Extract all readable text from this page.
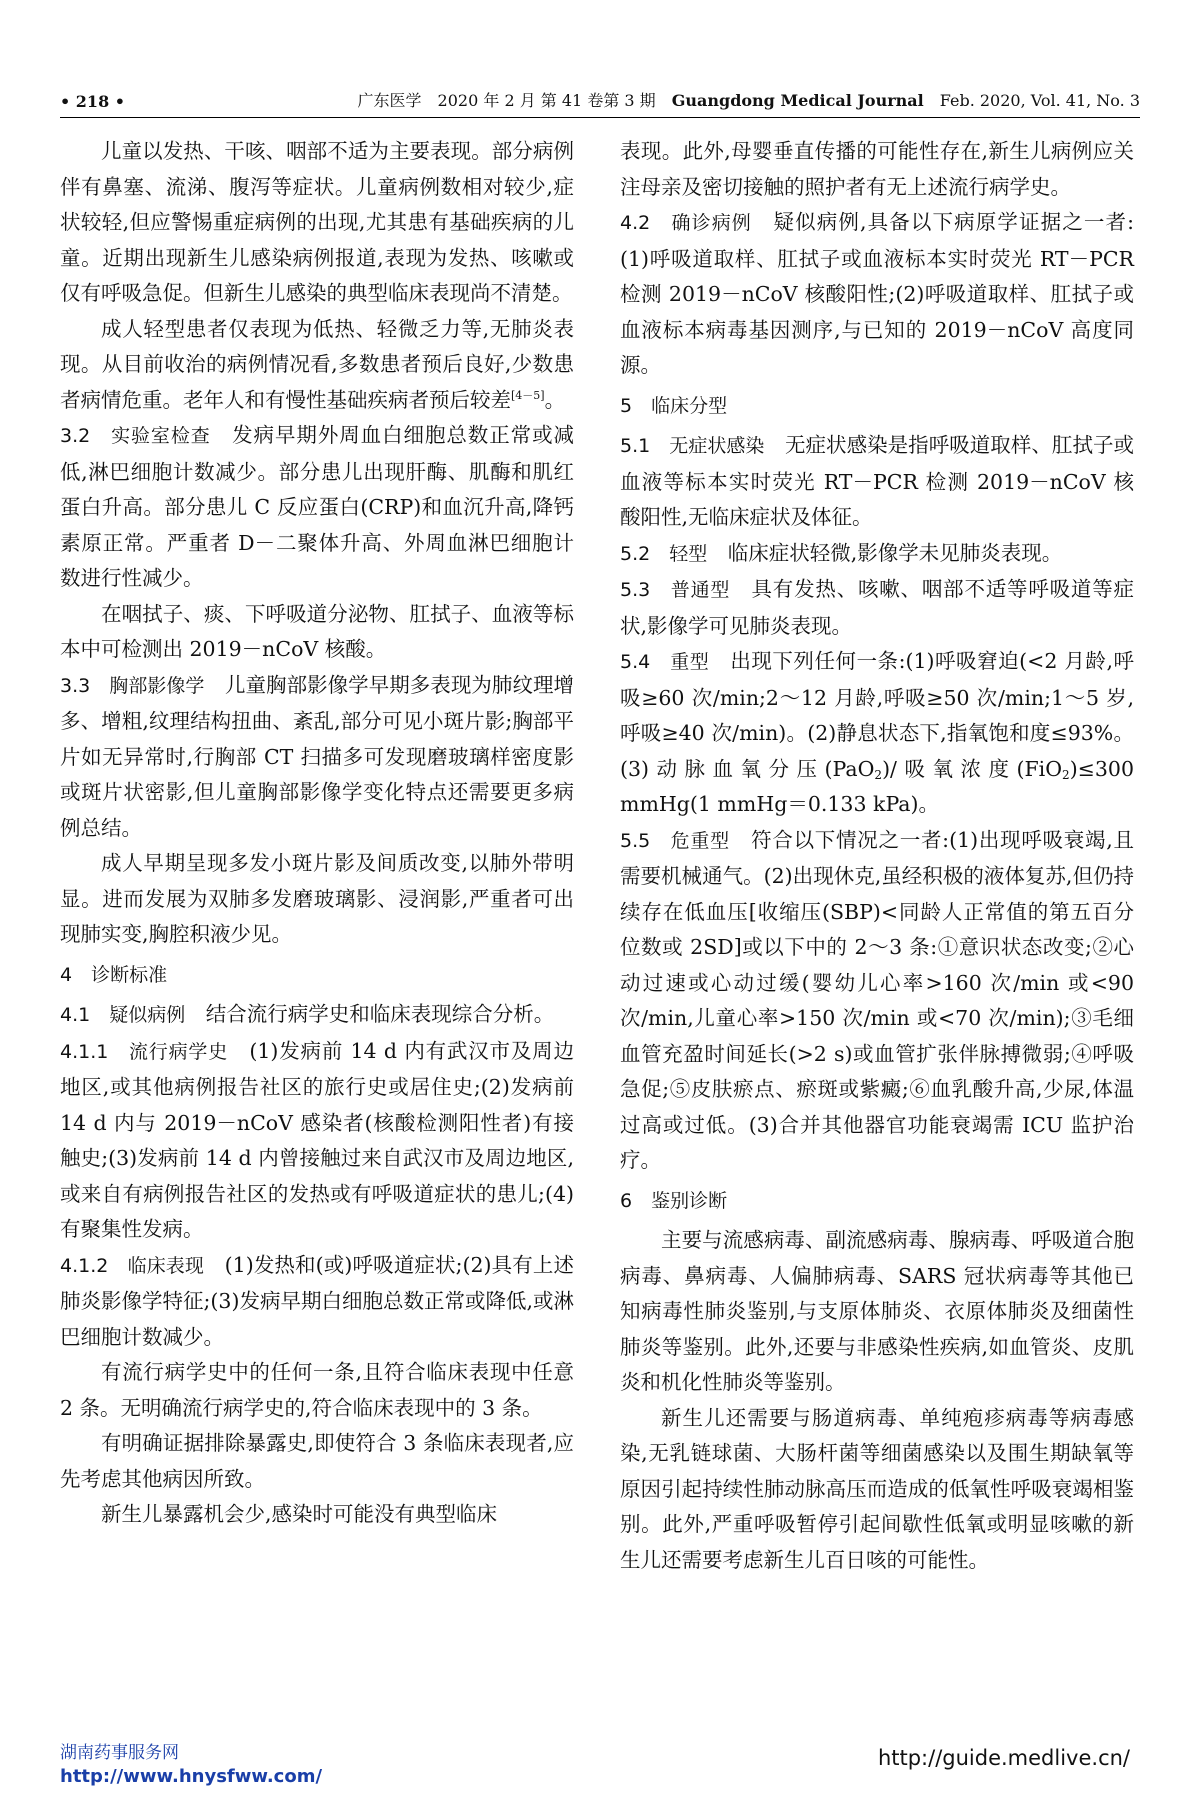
• 218 •	广东医学　2020 年 2 月 第 41 卷第 3 期　 Guangdong Medical Journal　 Feb. 2020, Vol. 41, No. 3

儿童以发热、干咳、咽部不适为主要表现。部分病例伴有鼻塞、流涕、腹泻等症状。儿童病例数相对较少,症状较轻,但应警惕重症病例的出现,尤其患有基础疾病的儿童。近期出现新生儿感染病例报道,表现为发热、咳嗽或仅有呼吸急促。但新生儿感染的典型临床表现尚不清楚。

成人轻型患者仅表现为低热、轻微乏力等,无肺炎表现。从目前收治的病例情况看,多数患者预后良好,少数患者病情危重。老年人和有慢性基础疾病者预后较差[4－5]。

3.2　实验室检查　发病早期外周血白细胞总数正常或减低,淋巴细胞计数减少。部分患儿出现肝酶、肌酶和肌红蛋白升高。部分患儿 C 反应蛋白(CRP)和血沉升高,降钙素原正常。严重者 D－二聚体升高、外周血淋巴细胞计数进行性减少。

在咽拭子、痰、下呼吸道分泌物、肛拭子、血液等标本中可检测出 2019－nCoV 核酸。

3.3　胸部影像学　儿童胸部影像学早期多表现为肺纹理增多、增粗,纹理结构扭曲、紊乱,部分可见小斑片影;胸部平片如无异常时,行胸部 CT 扫描多可发现磨玻璃样密度影或斑片状密影,但儿童胸部影像学变化特点还需要更多病例总结。

成人早期呈现多发小斑片影及间质改变,以肺外带明显。进而发展为双肺多发磨玻璃影、浸润影,严重者可出现肺实变,胸腔积液少见。

4　诊断标准

4.1　疑似病例　结合流行病学史和临床表现综合分析。

4.1.1　流行病学史　(1)发病前 14 d 内有武汉市及周边地区,或其他病例报告社区的旅行史或居住史;(2)发病前 14 d 内与 2019－nCoV 感染者(核酸检测阳性者)有接触史;(3)发病前 14 d 内曾接触过来自武汉市及周边地区,或来自有病例报告社区的发热或有呼吸道症状的患儿;(4)有聚集性发病。

4.1.2　临床表现　(1)发热和(或)呼吸道症状;(2)具有上述肺炎影像学特征;(3)发病早期白细胞总数正常或降低,或淋巴细胞计数减少。

有流行病学史中的任何一条,且符合临床表现中任意 2 条。无明确流行病学史的,符合临床表现中的 3 条。

有明确证据排除暴露史,即使符合 3 条临床表现者,应先考虑其他病因所致。

新生儿暴露机会少,感染时可能没有典型临床

表现。此外,母婴垂直传播的可能性存在,新生儿病例应关注母亲及密切接触的照护者有无上述流行病学史。

4.2　确诊病例　疑似病例,具备以下病原学证据之一者:(1)呼吸道取样、肛拭子或血液标本实时荧光 RT－PCR 检测 2019－nCoV 核酸阳性;(2)呼吸道取样、肛拭子或血液标本病毒基因测序,与已知的 2019－nCoV 高度同源。

5　临床分型

5.1　无症状感染　无症状感染是指呼吸道取样、肛拭子或血液等标本实时荧光 RT－PCR 检测 2019－nCoV 核酸阳性,无临床症状及体征。

5.2　轻型　临床症状轻微,影像学未见肺炎表现。

5.3　普通型　具有发热、咳嗽、咽部不适等呼吸道等症状,影像学可见肺炎表现。

5.4　重型　出现下列任何一条:(1)呼吸窘迫(<2 月龄,呼吸≥60 次/min;2～12 月龄,呼吸≥50 次/min;1～5 岁,呼吸≥40 次/min)。(2)静息状态下,指氧饱和度≤93%。(3)动脉血氧分压(PaO$_2$)/吸氧浓度(FiO$_2$)≤300 mmHg(1 mmHg＝0.133 kPa)。

5.5　危重型　符合以下情况之一者:(1)出现呼吸衰竭,且需要机械通气。(2)出现休克,虽经积极的液体复苏,但仍持续存在低血压[收缩压(SBP)<同龄人正常值的第五百分位数或 2SD]或以下中的 2～3 条:①意识状态改变;②心动过速或心动过缓(婴幼儿心率>160 次/min 或<90 次/min,儿童心率>150 次/min 或<70 次/min);③毛细血管充盈时间延长(>2 s)或血管扩张伴脉搏微弱;④呼吸急促;⑤皮肤瘀点、瘀斑或紫癜;⑥血乳酸升高,少尿,体温过高或过低。(3)合并其他器官功能衰竭需 ICU 监护治疗。

6　鉴别诊断

主要与流感病毒、副流感病毒、腺病毒、呼吸道合胞病毒、鼻病毒、人偏肺病毒、SARS 冠状病毒等其他已知病毒性肺炎鉴别,与支原体肺炎、衣原体肺炎及细菌性肺炎等鉴别。此外,还要与非感染性疾病,如血管炎、皮肌炎和机化性肺炎等鉴别。

新生儿还需要与肠道病毒、单纯疱疹病毒等病毒感染,无乳链球菌、大肠杆菌等细菌感染以及围生期缺氧等原因引起持续性肺动脉高压而造成的低氧性呼吸衰竭相鉴别。此外,严重呼吸暂停引起间歇性低氧或明显咳嗽的新生儿还需要考虑新生儿百日咳的可能性。

湖南药事服务网
http://www.hnysfww.com/
http://guide.medlive.cn/
